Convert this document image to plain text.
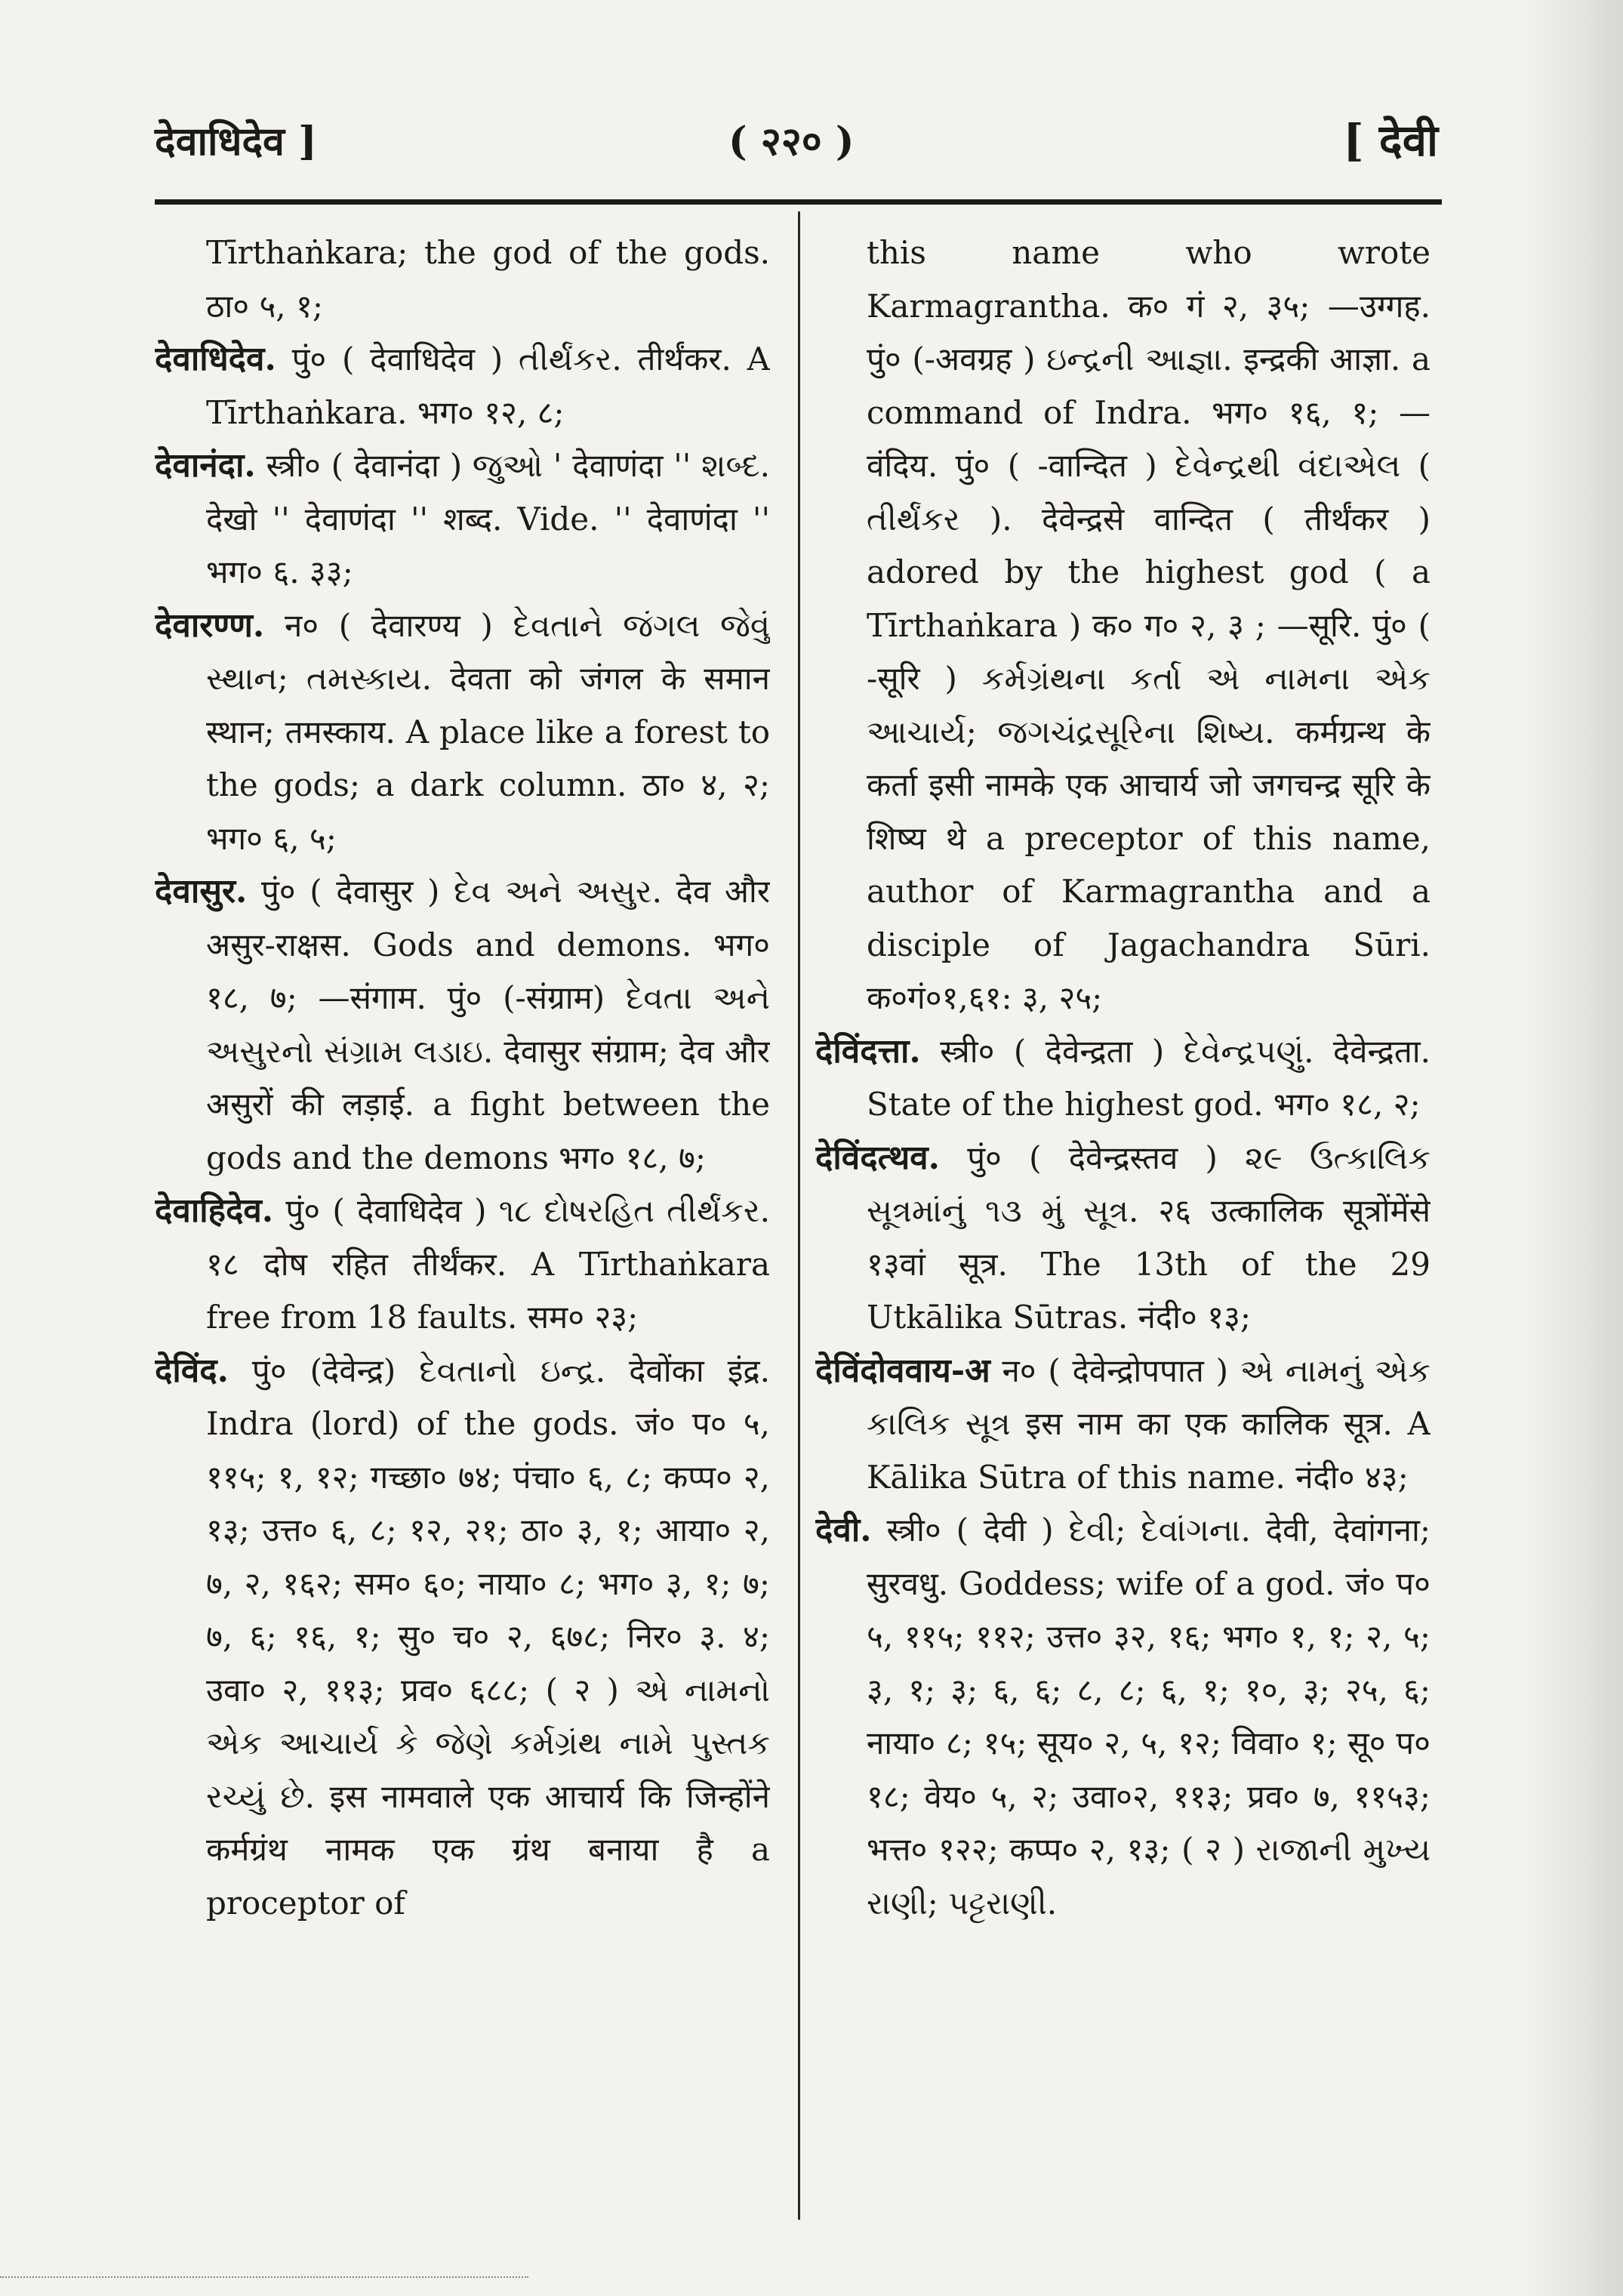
देवाधिदेव ]	( २२० )	[ देवी

Tīrthaṅkara; the god of the gods. ठा० ५, १;

देवाधिदेव. पुं० ( देवाधिदेव ) તીર્થંકર. तीर्थंकर. A Tīrthaṅkara. भग० १२, ८;

देवानंदा. स्त्री० ( देवानंदा ) જુઓ ' देवाणंदा '' શબ્દ. देखो '' देवाणंदा '' शब्द. Vide. '' देवाणंदा '' भग० ६. ३३;

देवारण्ण. न० ( देवारण्य ) દેવતાને જંગલ જેવું સ્થાન; તમસ્કાય. देवता को जंगल के समान स्थान; तमस्काय. A place like a forest to the gods; a dark column. ठा० ४, २; भग० ६, ५;

देवासुर. पुं० ( देवासुर ) દેવ અને અસુર. देव और असुर-राक्षस. Gods and demons. भग० १८, ७; —संगाम. पुं० (-संग्राम) દેવતા અને અસુરનો સંગ્રામ લડાઇ. देवासुर संग्राम; देव और असुरों की लड़ाई. a fight between the gods and the demons भग० १८, ७;

देवाहिदेव. पुं० ( देवाधिदेव ) ૧૮ દોષરહિત તીર્થંકર. १८ दोष रहित तीर्थंकर. A Tīrthaṅkara free from 18 faults. सम० २३;

देविंद. पुं० (देवेन्द्र) દેવતાનો ઇન્દ્ર. देवोंका इंद्र. Indra (lord) of the gods. जं० प० ५, ११५; १, १२; गच्छा० ७४; पंचा० ६, ८; कप्प० २, १३; उत्त० ६, ८; १२, २१; ठा० ३, १; आया० २, ७, २, १६२; सम० ६०; नाया० ८; भग० ३, १; ७; ७, ६; १६, १; सु० च० २, ६७८; निर० ३. ४; उवा० २, ११३; प्रव० ६८८; ( २ ) એ નામનો એક આચાર્ય કે જેણે કર્મગ્રંથ નામે પુસ્તક રચ્યું છે. इस नामवाले एक आचार्य कि जिन्होंने कर्मग्रंथ नामक एक ग्रंथ बनाया है a proceptor of

this name who wrote Karmagrantha. क० गं २, ३५; —उग्गह. पुं० (-अवग्रह ) ઇન્દ્રની આજ્ઞા. इन्द्रकी आज्ञा. a command of Indra. भग० १६, १; —वंदिय. पुं० ( -वान्दित ) દેવેન્દ્રથી વંદાએલ ( તીર્થંકર ). देवेन्द्रसे वान्दित ( तीर्थंकर ) adored by the highest god ( a Tīrthaṅkara ) क० ग० २, ३ ; —सूरि. पुं० ( -सूरि ) કર્મગ્રંથના કર્તા એ નામના એક આચાર્ય; જગચંદ્રસૂરિના શિષ્ય. कर्मग्रन्थ के कर्ता इसी नामके एक आचार्य जो जगचन्द्र सूरि के शिष्य थे a preceptor of this name, author of Karmagrantha and a disciple of Jagachandra Sūri. क०गं०१,६१: ३, २५;

देविंदत्ता. स्त्री० ( देवेन्द्रता ) દેવેન્દ્રપણું. देवेन्द्रता. State of the highest god. भग० १८, २;

देविंदत्थव. पुं० ( देवेन्द्रस्तव ) ૨૯ ઉત્કાલિક સૂત્રમાંનું ૧૩ મું સૂત્ર. २६ उत्कालिक सूत्रोंमेंसे १३वां सूत्र. The 13th of the 29 Utkālika Sūtras. नंदी० १३;

देविंदोववाय-अ न० ( देवेन्द्रोपपात ) એ નામનું એક કાલિક સૂત્ર इस नाम का एक कालिक सूत्र. A Kālika Sūtra of this name. नंदी० ४३;

देवी. स्त्री० ( देवी ) દેવી; દેવાંગના. देवी, देवांगना; सुरवधु. Goddess; wife of a god. जं० प० ५, ११५; ११२; उत्त० ३२, १६; भग० १, १; २, ५; ३, १; ३; ६, ६; ८, ८; ६, १; १०, ३; २५, ६; नाया० ८; १५; सूय० २, ५, १२; विवा० १; सू० प० १८; वेय० ५, २; उवा०२, ११३; प्रव० ७, ११५३; भत्त० १२२; कप्प० २, १३; ( २ ) રાજાની મુખ્ય રાણી; પટ્ટરાણી.
